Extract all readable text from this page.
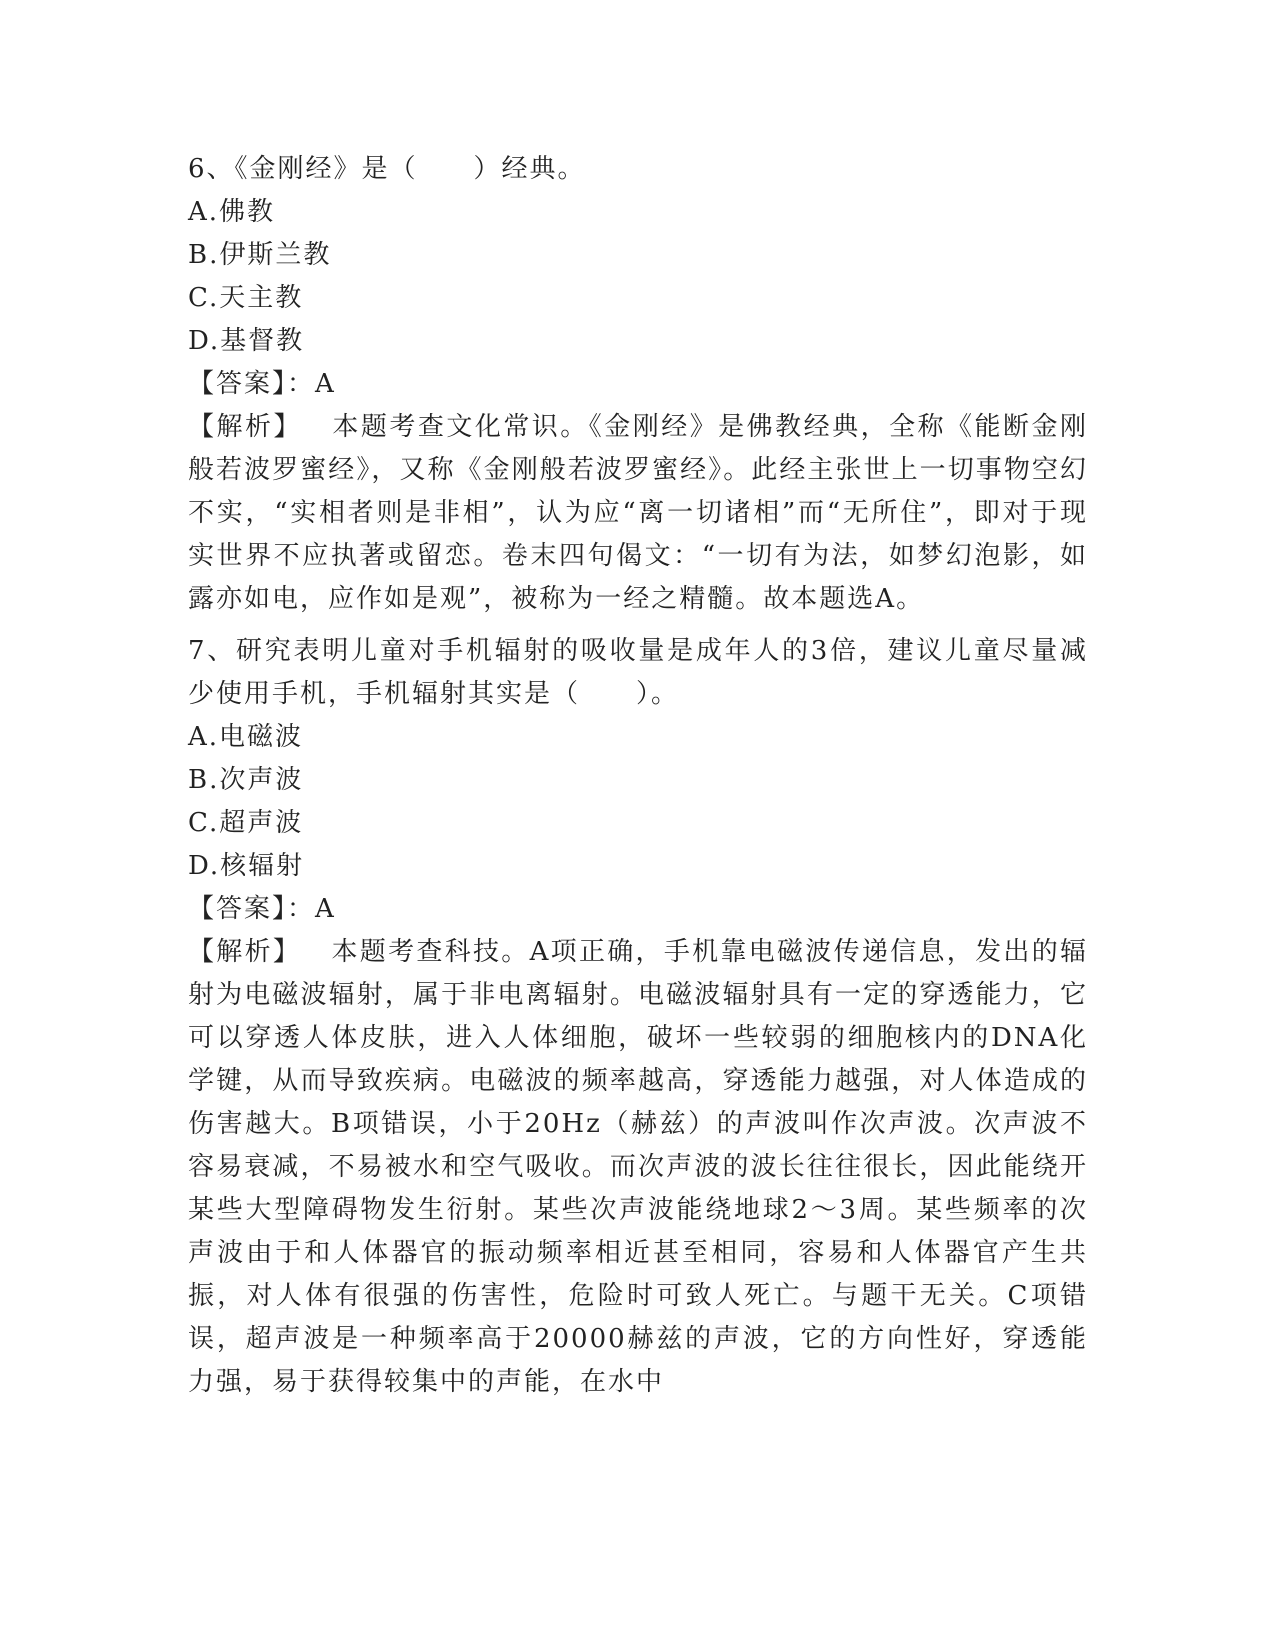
6、《金刚经》是（　　）经典。
A.佛教
B.伊斯兰教
C.天主教
D.基督教
【答案】：A
【解析】 本题考查文化常识。《金刚经》是佛教经典，全称《能断金刚般若波罗蜜经》，又称《金刚般若波罗蜜经》。此经主张世上一切事物空幻不实，“实相者则是非相”，认为应“离一切诸相”而“无所住”，即对于现实世界不应执著或留恋。卷末四句偈文：“一切有为法，如梦幻泡影，如露亦如电，应作如是观”，被称为一经之精髓。故本题选A。
7、研究表明儿童对手机辐射的吸收量是成年人的3倍，建议儿童尽量减少使用手机，手机辐射其实是（　　）。
A.电磁波
B.次声波
C.超声波
D.核辐射
【答案】：A
【解析】 本题考查科技。A项正确，手机靠电磁波传递信息，发出的辐射为电磁波辐射，属于非电离辐射。电磁波辐射具有一定的穿透能力，它可以穿透人体皮肤，进入人体细胞，破坏一些较弱的细胞核内的DNA化学键，从而导致疾病。电磁波的频率越高，穿透能力越强，对人体造成的伤害越大。B项错误，小于20Hz（赫兹）的声波叫作次声波。次声波不容易衰减，不易被水和空气吸收。而次声波的波长往往很长，因此能绕开某些大型障碍物发生衍射。某些次声波能绕地球2～3周。某些频率的次声波由于和人体器官的振动频率相近甚至相同，容易和人体器官产生共振，对人体有很强的伤害性，危险时可致人死亡。与题干无关。C项错误，超声波是一种频率高于20000赫兹的声波，它的方向性好，穿透能力强，易于获得较集中的声能，在水中
